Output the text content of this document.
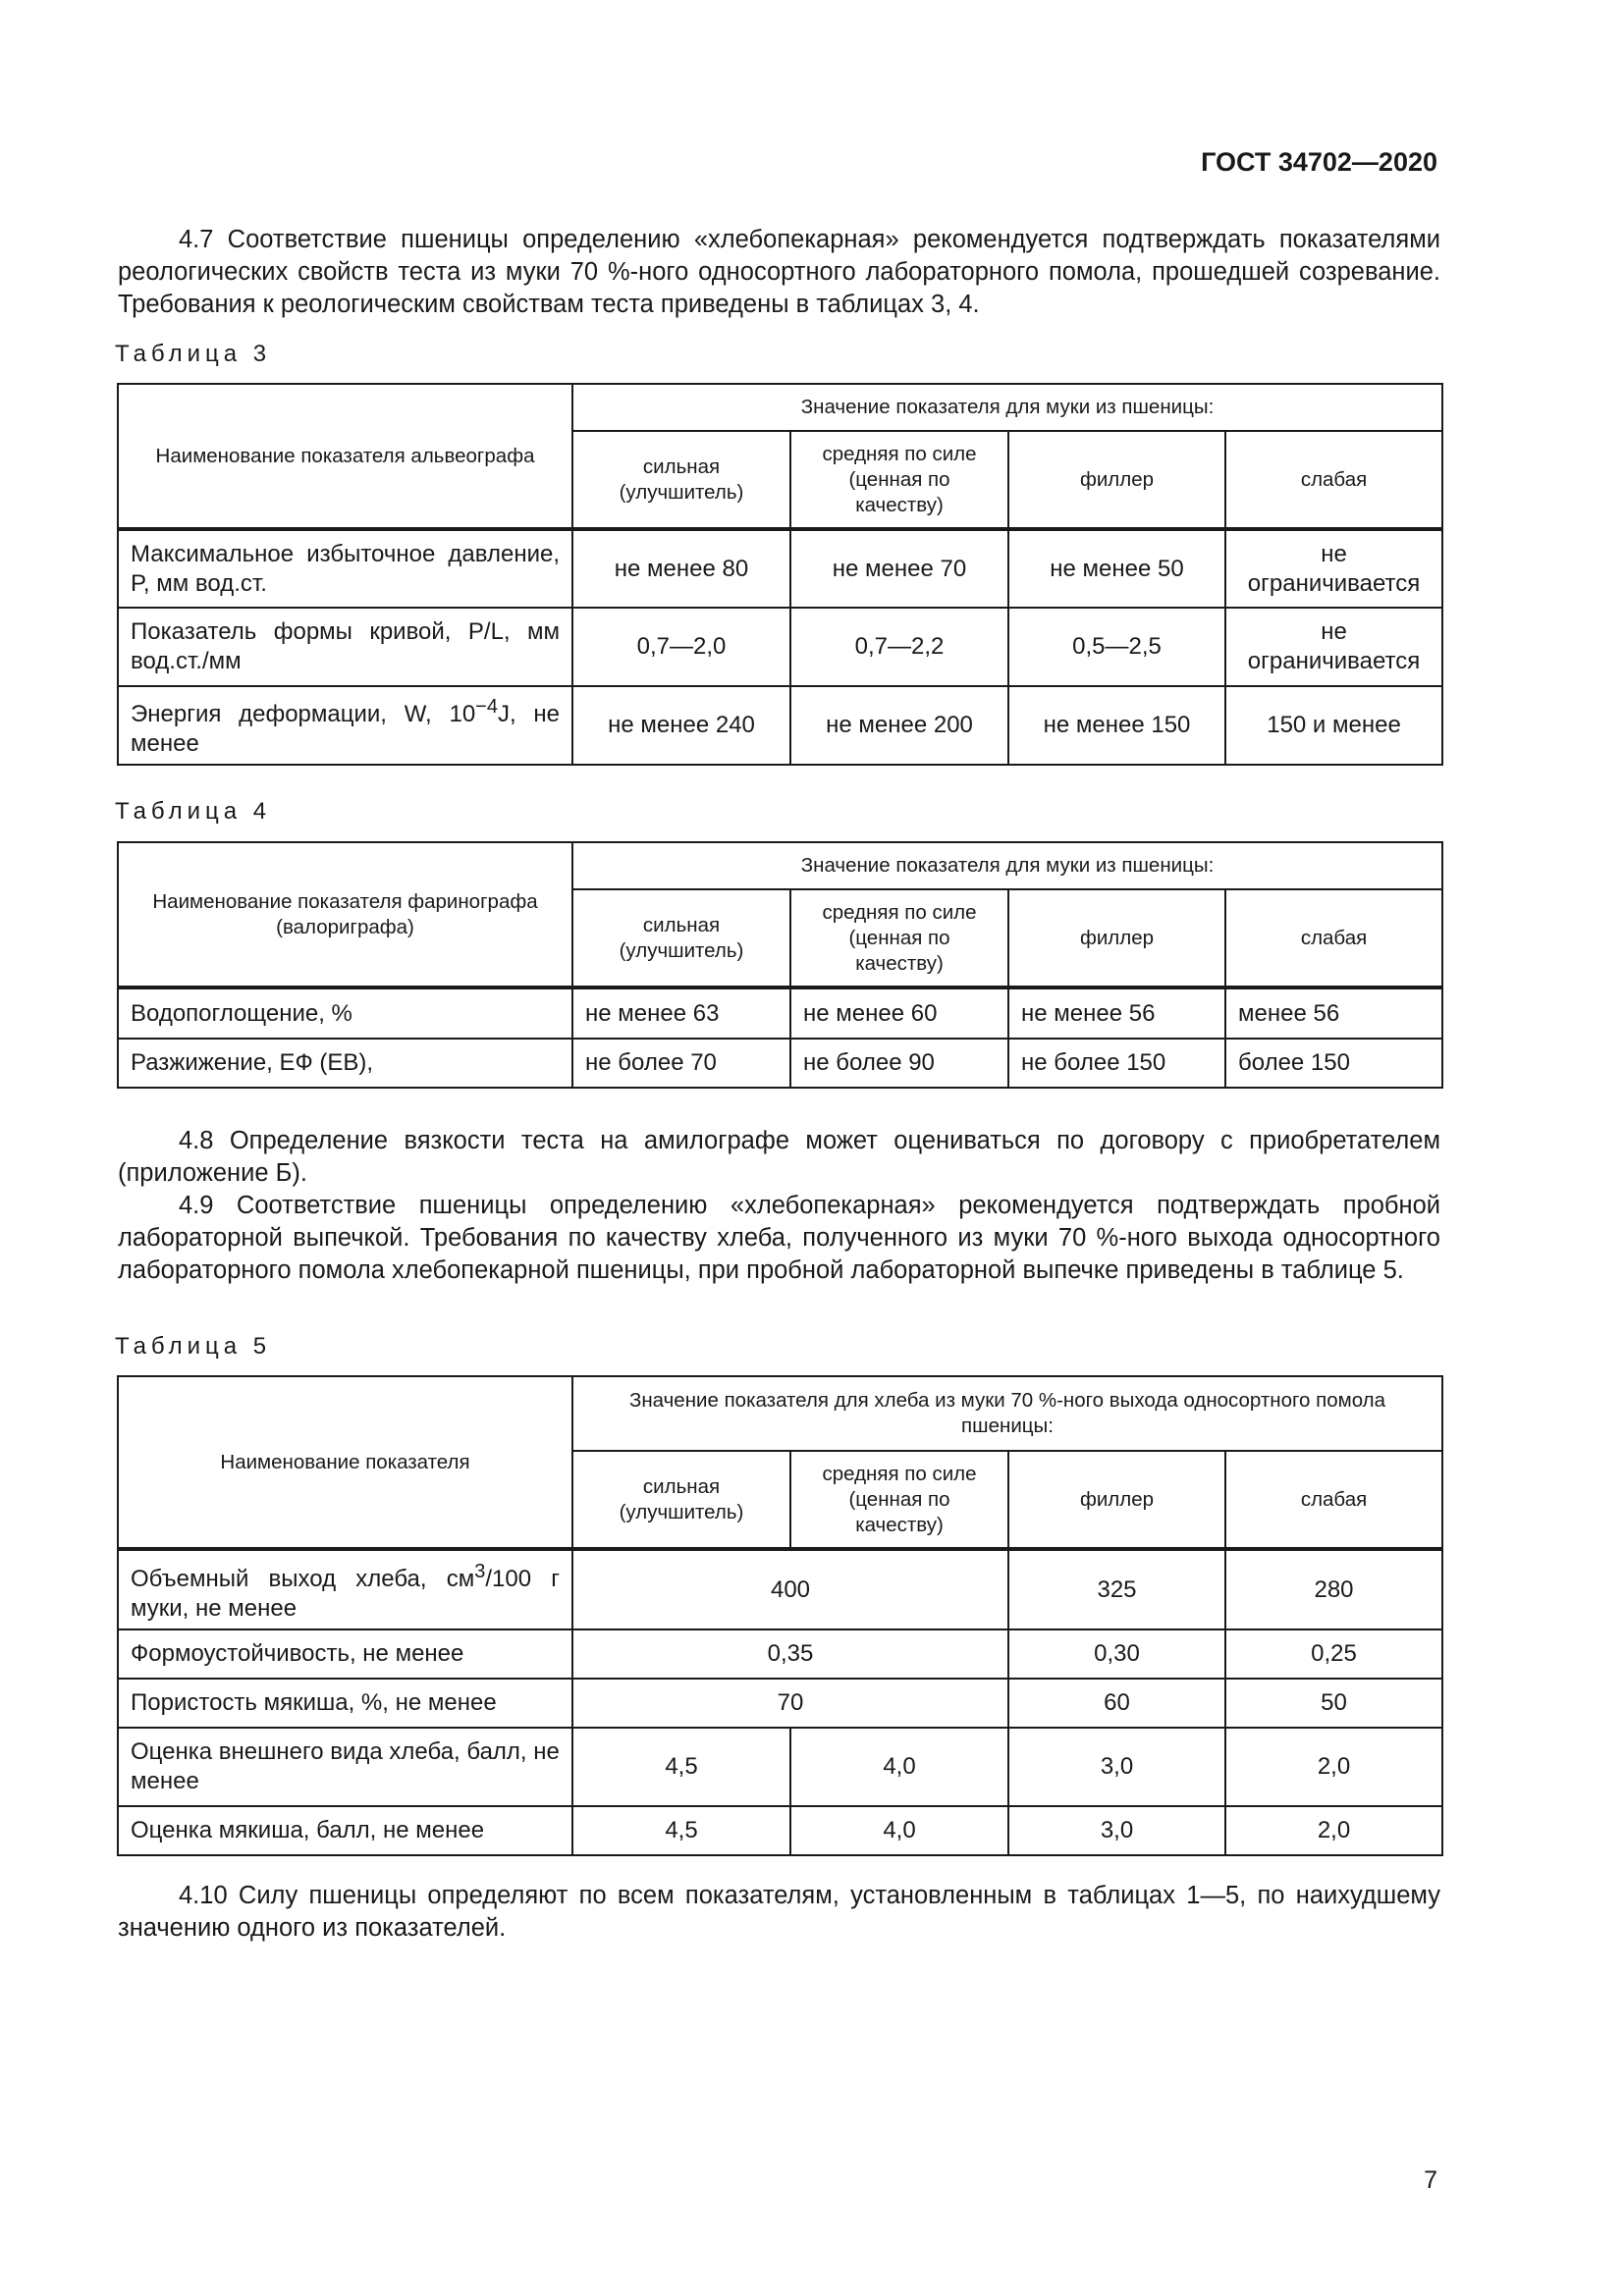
ГОСТ 34702—2020

4.7 Соответствие пшеницы определению «хлебопекарная» рекомендуется подтверждать показателями реологических свойств теста из муки 70 %-ного односортного лабораторного помола, прошедшей созревание. Требования к реологическим свойствам теста приведены в таблицах 3, 4.

Таблица 3
Наименование показателя альвеографа	Значение показателя для муки из пшеницы:			
	сильная (улучшитель)	средняя по силе (ценная по качеству)	филлер	слабая
Максимальное избыточное давление, P, мм вод.ст.	не менее 80	не менее 70	не менее 50	не ограничивается
Показатель формы кривой, P/L, мм вод.ст./мм	0,7—2,0	0,7—2,2	0,5—2,5	не ограничивается
Энергия деформации, W, $10^{-4}J$, не менее	не менее 240	не менее 200	не менее 150	150 и менее
Таблица 4
Наименование показателя фаринографа (валориграфа)	Значение показателя для муки из пшеницы:			
	сильная (улучшитель)	средняя по силе (ценная по качеству)	филлер	слабая
Водопоглощение, %	не менее 63	не менее 60	не менее 56	менее 56
Разжижение, ЕФ (ЕВ),	не более 70	не более 90	не более 150	более 150

4.8 Определение вязкости теста на амилографе может оцениваться по договору с приобретателем (приложение Б).

4.9 Соответствие пшеницы определению «хлебопекарная» рекомендуется подтверждать пробной лабораторной выпечкой. Требования по качеству хлеба, полученного из муки 70 %-ного выхода односортного лабораторного помола хлебопекарной пшеницы, при пробной лабораторной выпечке приведены в таблице 5.

Таблица 5
Наименование показателя	Значение показателя для хлеба из муки 70 %-ного выхода односортного помола пшеницы:			
	сильная (улучшитель)	средняя по силе (ценная по качеству)	филлер	слабая
Объемный выход хлеба, $см^3/100$ г муки, не менее	400		325	280
Формоустойчивость, не менее	0,35		0,30	0,25
Пористость мякиша, %, не менее	70		60	50
Оценка внешнего вида хлеба, балл, не менее	4,5	4,0	3,0	2,0
Оценка мякиша, балл, не менее	4,5	4,0	3,0	2,0

4.10 Силу пшеницы определяют по всем показателям, установленным в таблицах 1—5, по наихудшему значению одного из показателей.

7
